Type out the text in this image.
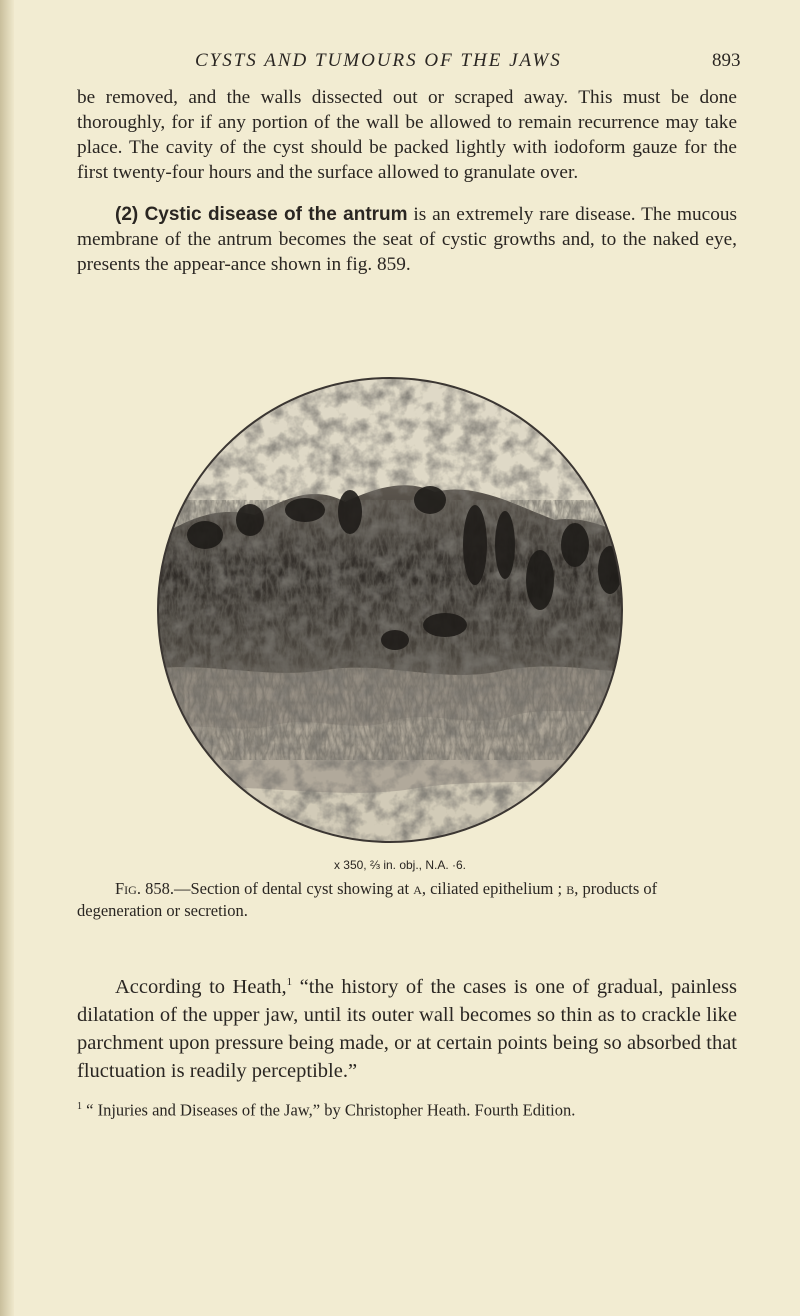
CYSTS AND TUMOURS OF THE JAWS	893
be removed, and the walls dissected out or scraped away. This must be done thoroughly, for if any portion of the wall be allowed to remain recurrence may take place. The cavity of the cyst should be packed lightly with iodoform gauze for the first twenty-four hours and the surface allowed to granulate over.
(2) Cystic disease of the antrum is an extremely rare disease. The mucous membrane of the antrum becomes the seat of cystic growths and, to the naked eye, presents the appear-ance shown in fig. 859.
x 350, ⅔ in. obj., N.A. ·6.
Fig. 858.—Section of dental cyst showing at a, ciliated epithelium ; b, products of degeneration or secretion.
According to Heath,$^1$ “the history of the cases is one of gradual, painless dilatation of the upper jaw, until its outer wall becomes so thin as to crackle like parchment upon pressure being made, or at certain points being so absorbed that fluctuation is readily perceptible.”
$^1$ “ Injuries and Diseases of the Jaw,” by Christopher Heath. Fourth Edition.
